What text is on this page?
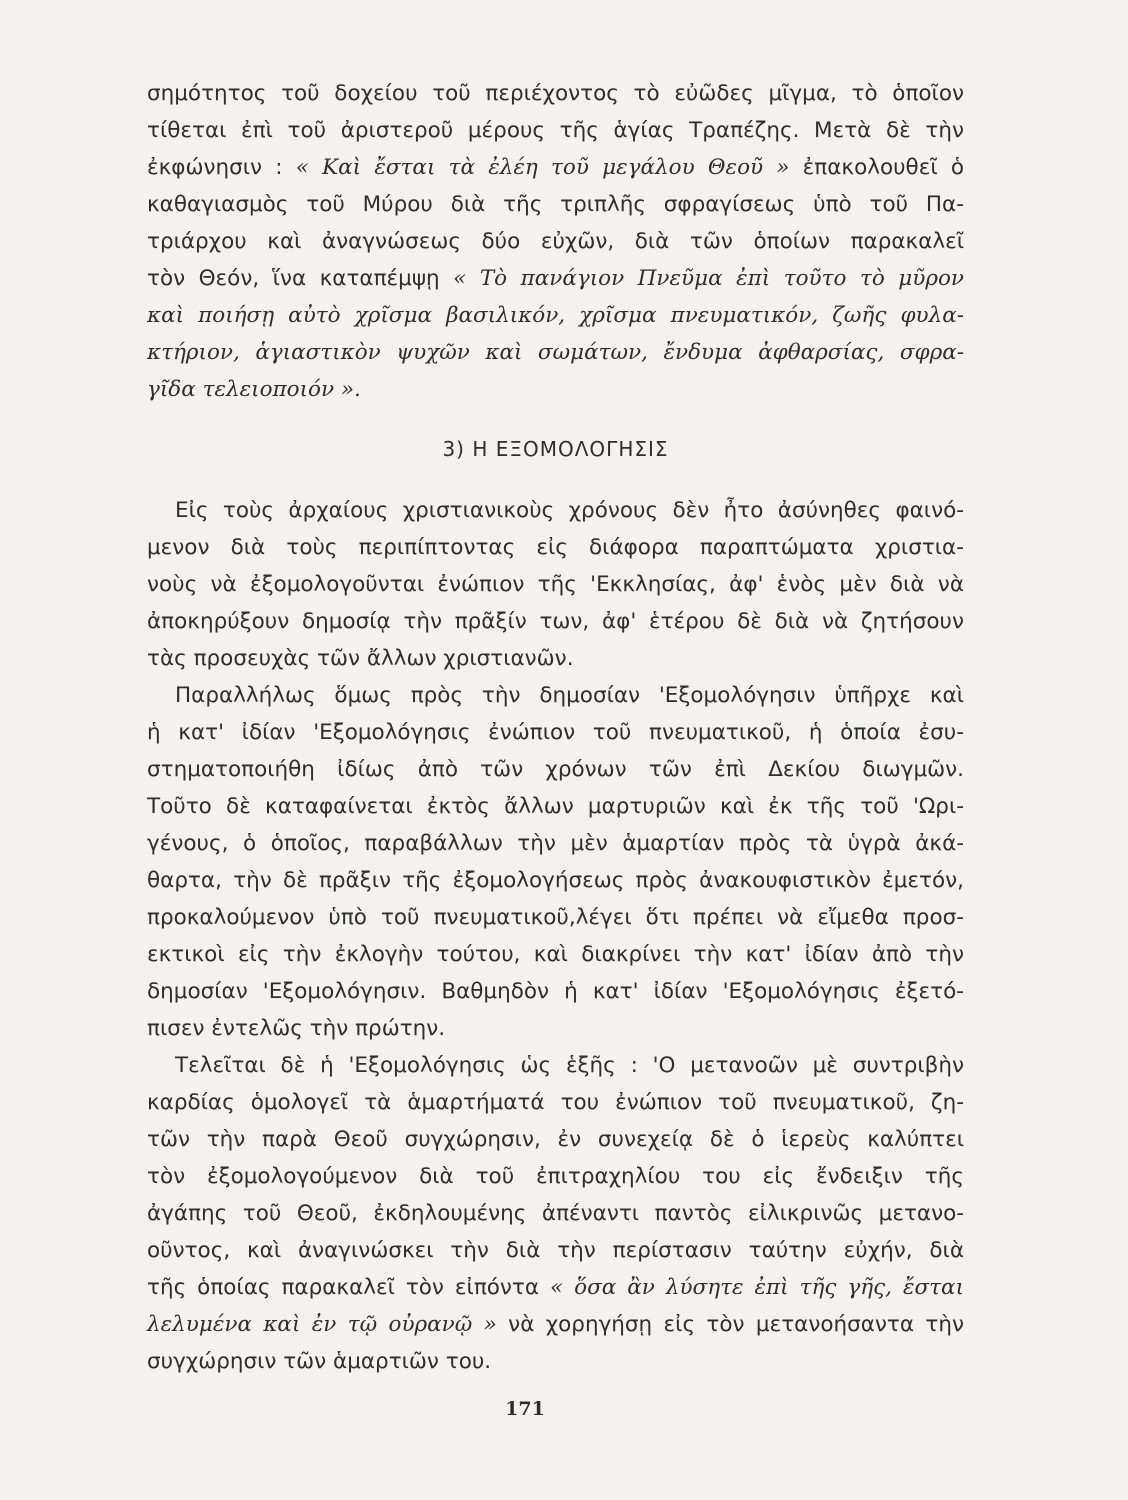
σημότητος τοῦ δοχείου τοῦ περιέχοντος τὸ εὐῶδες μῖγμα, τὸ ὁποῖον
τίθεται ἐπὶ τοῦ ἀριστεροῦ μέρους τῆς ἁγίας Τραπέζης. Μετὰ δὲ τὴν
ἐκφώνησιν : « Καὶ ἔσται τὰ ἐλέη τοῦ μεγάλου Θεοῦ » ἐπακολουθεῖ ὁ
καθαγιασμὸς τοῦ Μύρου διὰ τῆς τριπλῆς σφραγίσεως ὑπὸ τοῦ Πα-
τριάρχου καὶ ἀναγνώσεως δύο εὐχῶν, διὰ τῶν ὁποίων παρακαλεῖ
τὸν Θεόν, ἵνα καταπέμψῃ « Τὸ πανάγιον Πνεῦμα ἐπὶ τοῦτο τὸ μῦρον
καὶ ποιήσῃ αὐτὸ χρῖσμα βασιλικόν, χρῖσμα πνευματικόν, ζωῆς φυλα-
κτήριον, ἁγιαστικὸν ψυχῶν καὶ σωμάτων, ἔνδυμα ἀφθαρσίας, σφρα-
γῖδα τελειοποιόν ».
3) Η ΕΞΟΜΟΛΟΓΗΣΙΣ
Εἰς τοὺς ἀρχαίους χριστιανικοὺς χρόνους δὲν ἦτο ἀσύνηθες φαινό-
μενον διὰ τοὺς περιπίπτοντας εἰς διάφορα παραπτώματα χριστια-
νοὺς νὰ ἐξομολογοῦνται ἐνώπιον τῆς 'Εκκλησίας, ἀφ' ἑνὸς μὲν διὰ νὰ
ἀποκηρύξουν δημοσίᾳ τὴν πρᾶξίν των, ἀφ' ἑτέρου δὲ διὰ νὰ ζητήσουν
τὰς προσευχὰς τῶν ἄλλων χριστιανῶν.
Παραλλήλως ὅμως πρὸς τὴν δημοσίαν 'Εξομολόγησιν ὑπῆρχε καὶ
ἡ κατ' ἰδίαν 'Εξομολόγησις ἐνώπιον τοῦ πνευματικοῦ, ἡ ὁποία ἐσυ-
στηματοποιήθη ἰδίως ἀπὸ τῶν χρόνων τῶν ἐπὶ Δεκίου διωγμῶν.
Τοῦτο δὲ καταφαίνεται ἐκτὸς ἄλλων μαρτυριῶν καὶ ἐκ τῆς τοῦ 'Ωρι-
γένους, ὁ ὁποῖος, παραβάλλων τὴν μὲν ἁμαρτίαν πρὸς τὰ ὑγρὰ ἀκά-
θαρτα, τὴν δὲ πρᾶξιν τῆς ἐξομολογήσεως πρὸς ἀνακουφιστικὸν ἐμετόν,
προκαλούμενον ὑπὸ τοῦ πνευματικοῦ,λέγει ὅτι πρέπει νὰ εἴμεθα προσ-
εκτικοὶ εἰς τὴν ἐκλογὴν τούτου, καὶ διακρίνει τὴν κατ' ἰδίαν ἀπὸ τὴν
δημοσίαν 'Εξομολόγησιν. Βαθμηδὸν ἡ κατ' ἰδίαν 'Εξομολόγησις ἐξετό-
πισεν ἐντελῶς τὴν πρώτην.
Τελεῖται δὲ ἡ 'Εξομολόγησις ὡς ἑξῆς : 'Ο μετανοῶν μὲ συντριβὴν
καρδίας ὁμολογεῖ τὰ ἁμαρτήματά του ἐνώπιον τοῦ πνευματικοῦ, ζη-
τῶν τὴν παρὰ Θεοῦ συγχώρησιν, ἐν συνεχείᾳ δὲ ὁ ἱερεὺς καλύπτει
τὸν ἐξομολογούμενον διὰ τοῦ ἐπιτραχηλίου του εἰς ἔνδειξιν τῆς
ἀγάπης τοῦ Θεοῦ, ἐκδηλουμένης ἀπέναντι παντὸς εἰλικρινῶς μετανο-
οῦντος, καὶ ἀναγινώσκει τὴν διὰ τὴν περίστασιν ταύτην εὐχήν, διὰ
τῆς ὁποίας παρακαλεῖ τὸν εἰπόντα « ὅσα ἂν λύσητε ἐπὶ τῆς γῆς, ἔσται
λελυμένα καὶ ἐν τῷ οὐρανῷ » νὰ χορηγήσῃ εἰς τὸν μετανοήσαντα τὴν
συγχώρησιν τῶν ἁμαρτιῶν του.
171
